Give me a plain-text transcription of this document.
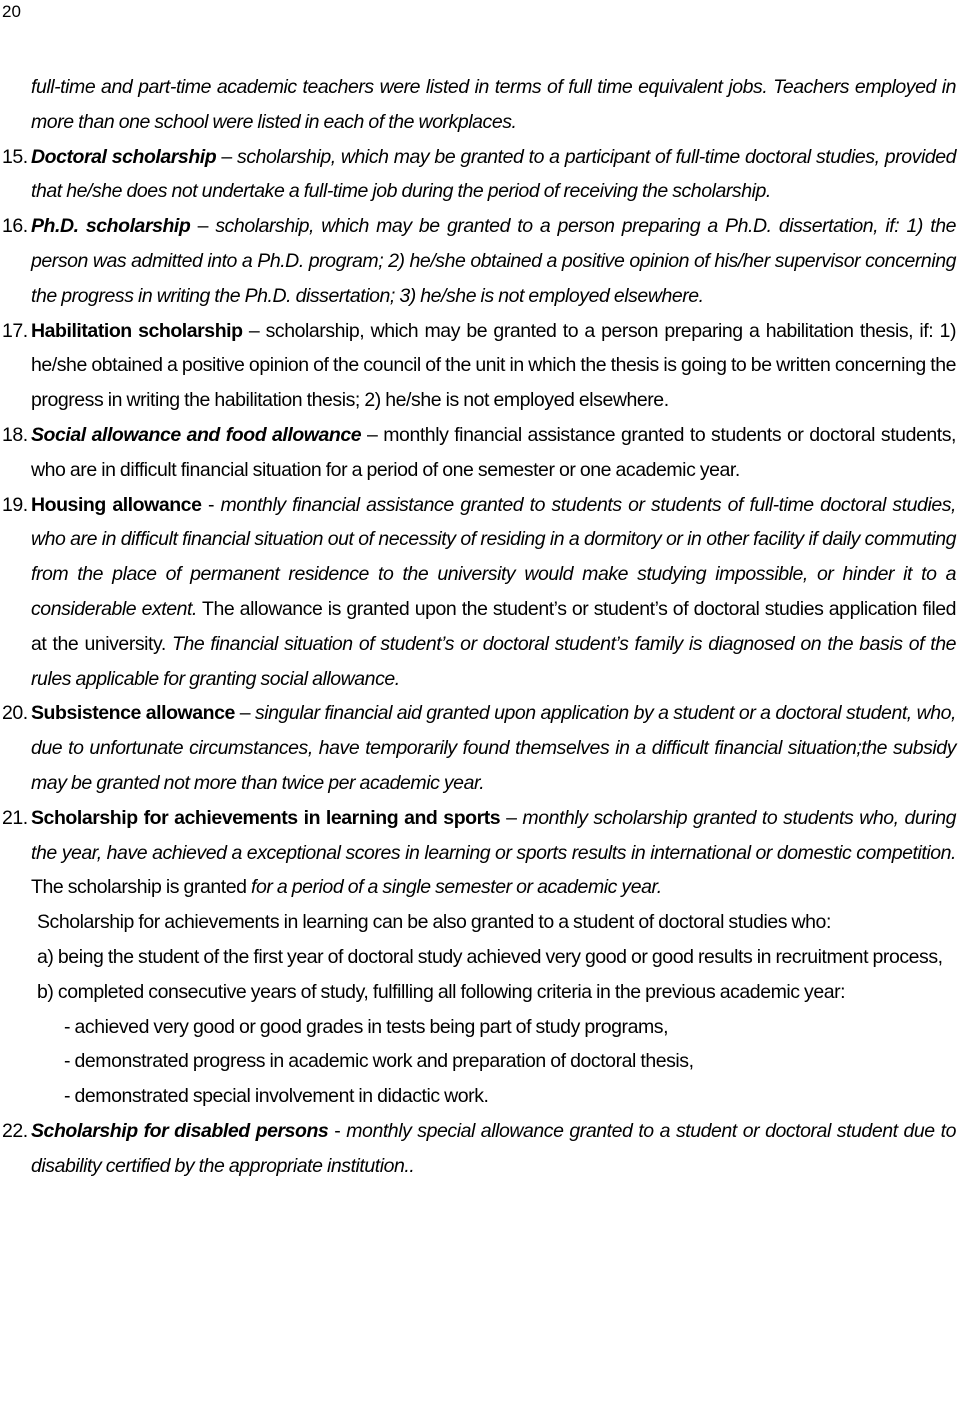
20

full-time and part-time academic teachers were listed in terms of full time equivalent jobs. Teachers employed in more than one school were listed in each of the workplaces.

15. Doctoral scholarship – scholarship, which may be granted to a participant of full-time doctoral studies, provided that he/she does not undertake a full-time job during the period of receiving the scholarship.

16. Ph.D. scholarship – scholarship, which may be granted to a person preparing a Ph.D. dissertation, if: 1) the person was admitted into a Ph.D. program; 2) he/she obtained a positive opinion of his/her supervisor concerning the progress in writing the Ph.D. dissertation; 3) he/she is not employed elsewhere.

17. Habilitation scholarship – scholarship, which may be granted to a person preparing a habilitation thesis, if: 1) he/she obtained a positive opinion of the council of the unit in which the thesis is going to be written concerning the progress in writing the habilitation thesis; 2) he/she is not employed elsewhere.

18. Social allowance and food allowance – monthly financial assistance granted to students or doctoral students, who are in difficult financial situation for a period of one semester or one academic year.

19. Housing allowance - monthly financial assistance granted to students or students of full-time doctoral studies, who are in difficult financial situation out of necessity of residing in a dormitory or in other facility if daily commuting from the place of permanent residence to the university would make studying impossible, or hinder it to a considerable extent. The allowance is granted upon the student’s or student’s of doctoral studies application filed at the university. The financial situation of student’s or doctoral student’s family is diagnosed on the basis of the rules applicable for granting social allowance.

20. Subsistence allowance – singular financial aid granted upon application by a student or a doctoral student, who, due to unfortunate circumstances, have temporarily found themselves in a difficult financial situation;the subsidy may be granted not more than twice per academic year.

21. Scholarship for achievements in learning and sports – monthly scholarship granted to students who, during the year, have achieved a exceptional scores in learning or sports results in international or domestic competition. The scholarship is granted for a period of a single semester or academic year.

Scholarship for achievements in learning can be also granted to a student of doctoral studies who:

a) being the student of the first year of doctoral study achieved very good or good results in recruitment process,

b) completed consecutive years of study, fulfilling all following criteria in the previous academic year:

- achieved very good or good grades in tests being part of study programs,

- demonstrated progress in academic work and preparation of doctoral thesis,

- demonstrated special involvement in didactic work.

22. Scholarship for disabled persons - monthly special allowance granted to a student or doctoral student due to disability certified by the appropriate institution..
